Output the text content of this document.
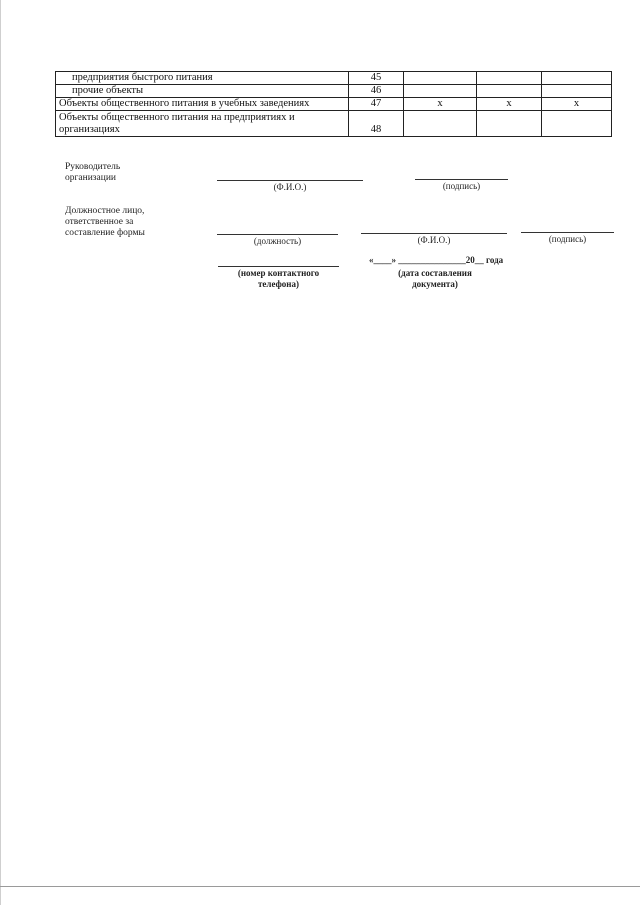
предприятия быстрого питания	45			
прочие объекты	46			
Объекты общественного питания в учебных заведениях	47	х	х	х
Объекты общественного питания на предприятиях и организациях	48			
Руководитель
организации
(Ф.И.О.)	(подпись)
Должностное лицо,
ответственное за
составление формы
(должность)	(Ф.И.О.)	(подпись)
(номер контактного
телефона)
«____» _______________20__ года
(дата составления
документа)
